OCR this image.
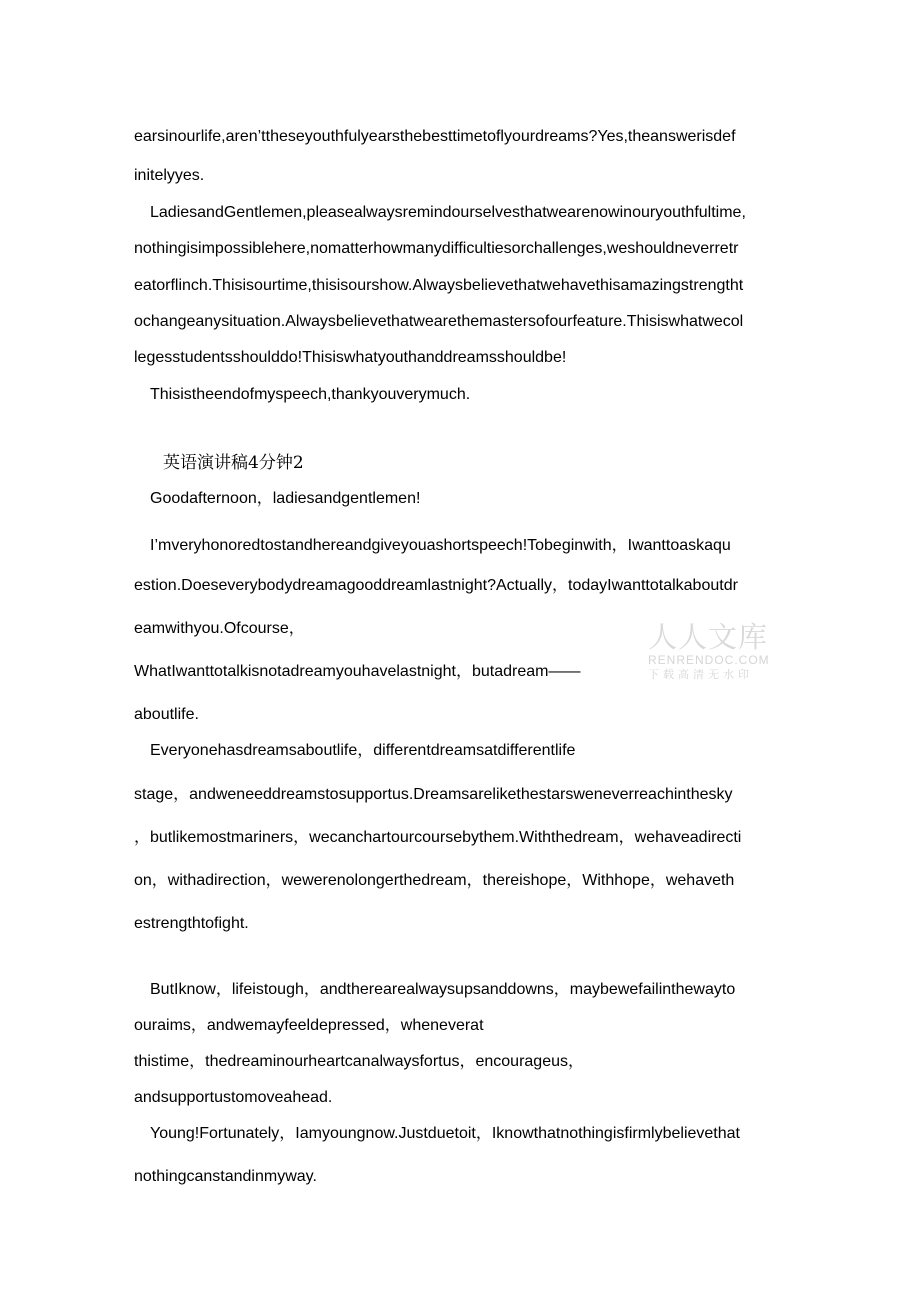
earsinourlife,aren’ttheseyouthfulyearsthebesttimetoflyourdreams?Yes,theanswerisdef
initelyyes.
LadiesandGentlemen,pleasealwaysremindourselvesthatwearenowinouryouthfultime,
nothingisimpossiblehere,nomatterhowmanydifficultiesorchallenges,weshouldneverretr
eatorflinch.Thisisourtime,thisisourshow.Alwaysbelievethatwehavethisamazingstrengtht
ochangeanysituation.Alwaysbelievethatwearethemastersofourfeature.Thisiswhatwecol
legesstudentsshoulddo!Thisiswhatyouthanddreamsshouldbe!
Thisistheendofmyspeech,thankyouverymuch.
英语演讲稿4分钟2
Goodafternoon，ladiesandgentlemen!
I’mveryhonoredtostandhereandgiveyouashortspeech!Tobeginwith，Iwanttoaskaqu
estion.Doeseverybodydreamagooddreamlastnight?Actually，todayIwanttotalkaboutdr
eamwithyou.Ofcourse，
WhatIwanttotalkisnotadreamyouhavelastnight，butadream——
aboutlife.
Everyonehasdreamsaboutlife，differentdreamsatdifferentlife
stage，andweneeddreamstosupportus.Dreamsarelikethestarsweneverreachinthesky
，butlikemostmariners，wecanchartourcoursebythem.Withthedream，wehaveadirecti
on，withadirection，wewerenolongerthedream，thereishope，Withhope，wehaveth
estrengthtofight.
ButIknow，lifeistough，andtherearealwaysupsanddowns，maybewefailinthewayto
ouraims，andwemayfeeldepressed，wheneverat
thistime，thedreaminourheartcanalwaysfortus，encourageus，
andsupportustomoveahead.
Young!Fortunately，Iamyoungnow.Justduetoit，Iknowthatnothingisfirmlybelievethat
nothingcanstandinmyway.
人人文库
RENRENDOC.COM
下载高清无水印
